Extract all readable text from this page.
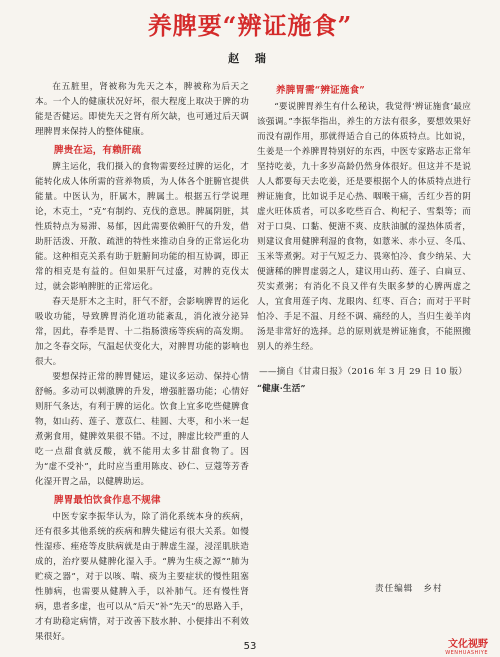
养脾要“辨证施食”
赵 瑞

在五脏里，肾被称为先天之本，脾被称为后天之本。一个人的健康状况好坏，很大程度上取决于脾的功能是否健运。即使先天之肾有所欠缺，也可通过后天调理脾胃来保持人的整体健康。

脾贵在运，有赖肝疏

脾主运化，我们摄入的食物需要经过脾的运化，才能转化成人体所需的营养物质，为人体各个脏腑官提供能量。中医认为，肝属木，脾属土。根据五行学说理论，木克土，“克”有制约、克伐的意思。脾属阴脏，其性质特点为易滞、易郁，因此需要依赖肝气的升发，借助肝活泼、开散、疏泄的特性来推动自身的正常运化功能。这种相克关系有助于脏腑间功能的相互协调，即正常的相克是有益的。但如果肝气过盛，对脾的克伐太过，就会影响脾脏的正常运化。

春天是肝木之主时，肝气不舒，会影响脾胃的运化吸收功能，导致脾胃消化道功能紊乱，消化液分泌异常，因此，春季是胃、十二指肠溃疡等疾病的高发期。加之冬春交际，气温起伏变化大，对脾胃功能的影响也很大。

要想保持正常的脾胃健运，建议多运动、保持心情舒畅。多动可以刺激脾的升发，增强脏器功能；心情好则肝气条达，有利于脾的运化。饮食上宜多吃些健脾食物，如山药、莲子、薏苡仁、桂圆、大枣，和小米一起煮粥食用，健脾效果很不错。不过，脾虚比较严重的人吃一点甜食就反酸，就不能用太多甘甜食物了。因为“虚不受补”，此时应当重用陈皮、砂仁、豆蔻等芳香化湿开胃之品，以健脾助运。

脾胃最怕饮食作息不规律

中医专家李振华认为，除了消化系统本身的疾病，还有很多其他系统的疾病和脾失健运有很大关系。如慢性湿疹、痤疮等皮肤病就是由于脾虚生湿，浸淫肌肤造成的，治疗要从健脾化湿入手。“脾为生痰之源”“肺为贮痰之器”，对于以咳、喘、痰为主要症状的慢性阻塞性肺病，也需要从健脾入手，以补肺气。还有慢性肾病，患者多虚，也可以从“后天”补“先天”的思路入手，才有助稳定病情，对于改善下肢水肿、小便排出不利效果很好。

养脾胃需“辨证施食”

“要说脾胃养生有什么秘诀，我觉得‘辨证施食’最应该强调。”李振华指出，养生的方法有很多，要想效果好而没有副作用，那就得适合自己的体质特点。比如说，生姜是一个养脾胃特别好的东西，中医专家路志正常年坚持吃姜，九十多岁高龄仍然身体很好。但这并不是说人人都要每天去吃姜，还是要根据个人的体质特点进行辨证施食，比如说手足心热、咽喉干痛，舌红少苔的阴虚火旺体质者，可以多吃些百合、枸杞子、雪梨等；而对于口臭、口黏、便溏不爽、皮肤油腻的湿热体质者，则建议食用健脾利湿的食物，如薏米、赤小豆、冬瓜、玉米等煮粥。对于气短乏力、畏寒怕冷、食少纳呆、大便溏稀的脾胃虚弱之人，建议用山药、莲子、白扁豆、芡实煮粥；有消化不良又伴有失眠多梦的心脾两虚之人，宜食用莲子肉、龙眼肉、红枣、百合；而对于平时怕冷、手足不温、月经不调、痛经的人，当归生姜羊肉汤是非常好的选择。总的原则就是辨证施食，不能照搬别人的养生经。

——摘自《甘肃日报》（2016 年 3 月 29 日 10 版）
“健康·生活”
责任编辑 乡村
53	文化视野
WENHUASHIYE
